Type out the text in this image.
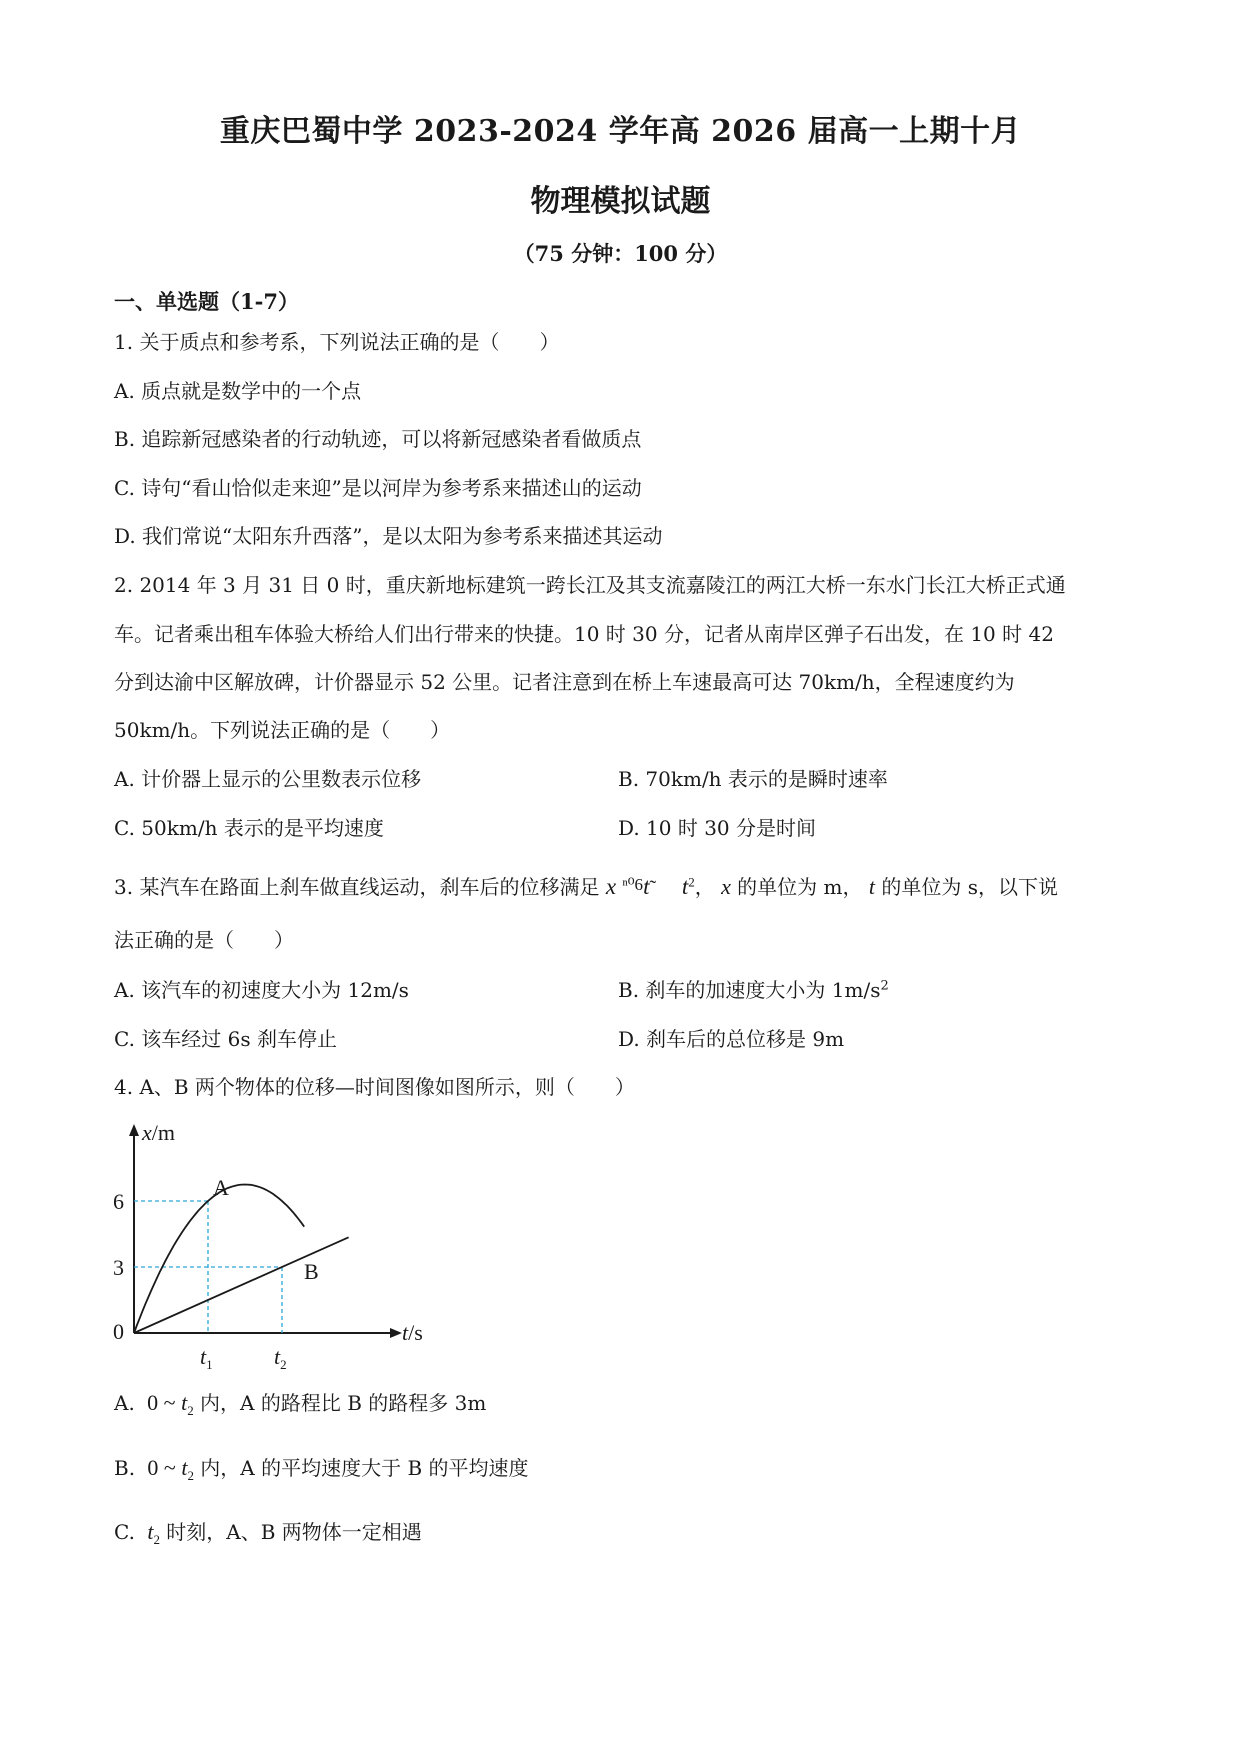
重庆巴蜀中学 2023-2024 学年高 2026 届高一上期十月
物理模拟试题
（75 分钟：100 分）
一、单选题（1-7）
1. 关于质点和参考系，下列说法正确的是（　　）
A. 质点就是数学中的一个点
B. 追踪新冠感染者的行动轨迹，可以将新冠感染者看做质点
C. 诗句“看山恰似走来迎”是以河岸为参考系来描述山的运动
D. 我们常说“太阳东升西落”，是以太阳为参考系来描述其运动
2. 2014 年 3 月 31 日 0 时，重庆新地标建筑一跨长江及其支流嘉陵江的两江大桥一东水门长江大桥正式通
车。记者乘出租车体验大桥给人们出行带来的快捷。10 时 30 分，记者从南岸区弹子石出发，在 10 时 42
分到达渝中区解放碑，计价器显示 52 公里。记者注意到在桥上车速最高可达 70km/h，全程速度约为
50km/h。下列说法正确的是（　　）
A. 计价器上显示的公里数表示位移	B. 70km/h 表示的是瞬时速率
C. 50km/h 表示的是平均速度	D. 10 时 30 分是时间
3. 某汽车在路面上刹车做直线运动，刹车后的位移满足 x $^{^{n0}6}$t $t^2$， x 的单位为 m， t 的单位为 s，以下说
法正确的是（　　）
A. 该汽车的初速度大小为 12m/s	B. 刹车的加速度大小为 $1m/s^2$
C. 该车经过 6s 刹车停止	D. 刹车后的总位移是 9m
4. A、B 两个物体的位移—时间图像如图所示，则（　　）
x/m
t/s
0
6
3
A
B
$t_1$	$t_2$
A. 0 ~ $t_2$ 内，A 的路程比 B 的路程多 3m
B. 0 ~ $t_2$ 内，A 的平均速度大于 B 的平均速度
C. $t_2$ 时刻，A、B 两物体一定相遇
